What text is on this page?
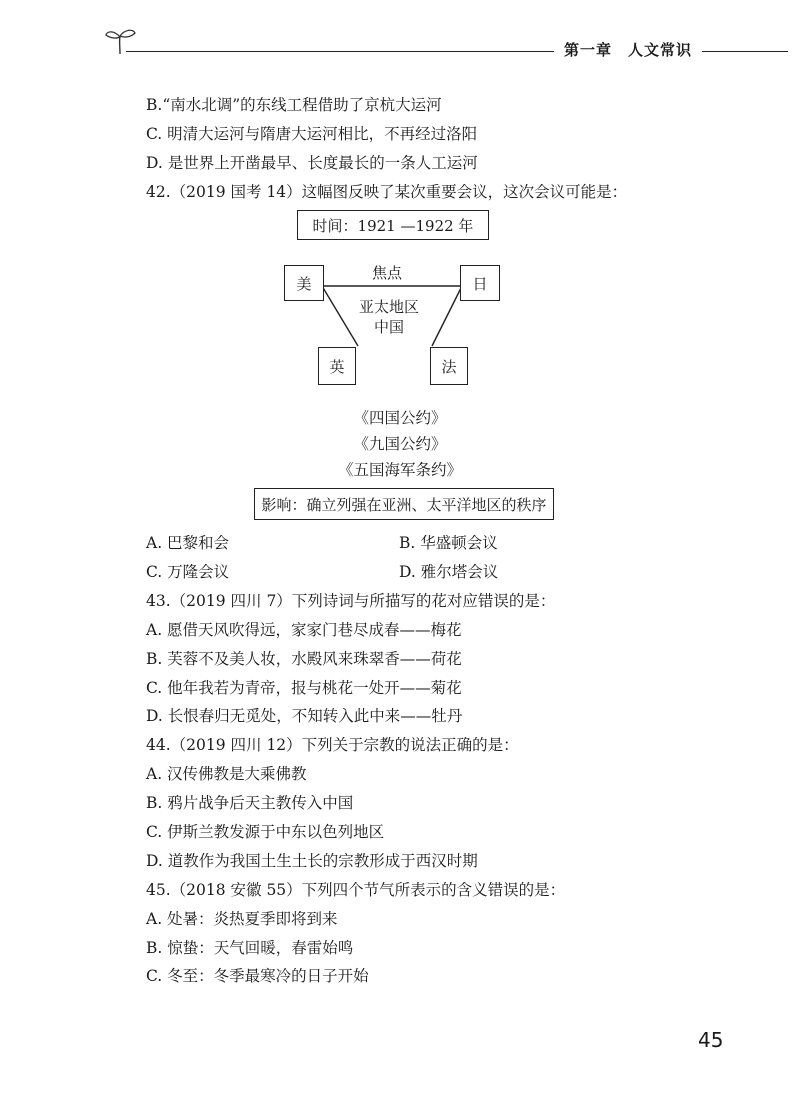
第一章　人文常识
B.“南水北调”的东线工程借助了京杭大运河
C. 明清大运河与隋唐大运河相比，不再经过洛阳
D. 是世界上开凿最早、长度最长的一条人工运河
42.（2019 国考 14）这幅图反映了某次重要会议，这次会议可能是：
时间：1921 —1922 年
美	日
英	法
焦点
亚太地区
中国
《四国公约》
《九国公约》
《五国海军条约》
影响：确立列强在亚洲、太平洋地区的秩序
A. 巴黎和会	B. 华盛顿会议
C. 万隆会议	D. 雅尔塔会议
43.（2019 四川 7）下列诗词与所描写的花对应错误的是：
A. 愿借天风吹得远，家家门巷尽成春——梅花
B. 芙蓉不及美人妆，水殿风来珠翠香——荷花
C. 他年我若为青帝，报与桃花一处开——菊花
D. 长恨春归无觅处，不知转入此中来——牡丹
44.（2019 四川 12）下列关于宗教的说法正确的是：
A. 汉传佛教是大乘佛教
B. 鸦片战争后天主教传入中国
C. 伊斯兰教发源于中东以色列地区
D. 道教作为我国土生土长的宗教形成于西汉时期
45.（2018 安徽 55）下列四个节气所表示的含义错误的是：
A. 处暑：炎热夏季即将到来
B. 惊蛰：天气回暖，春雷始鸣
C. 冬至：冬季最寒冷的日子开始
45
